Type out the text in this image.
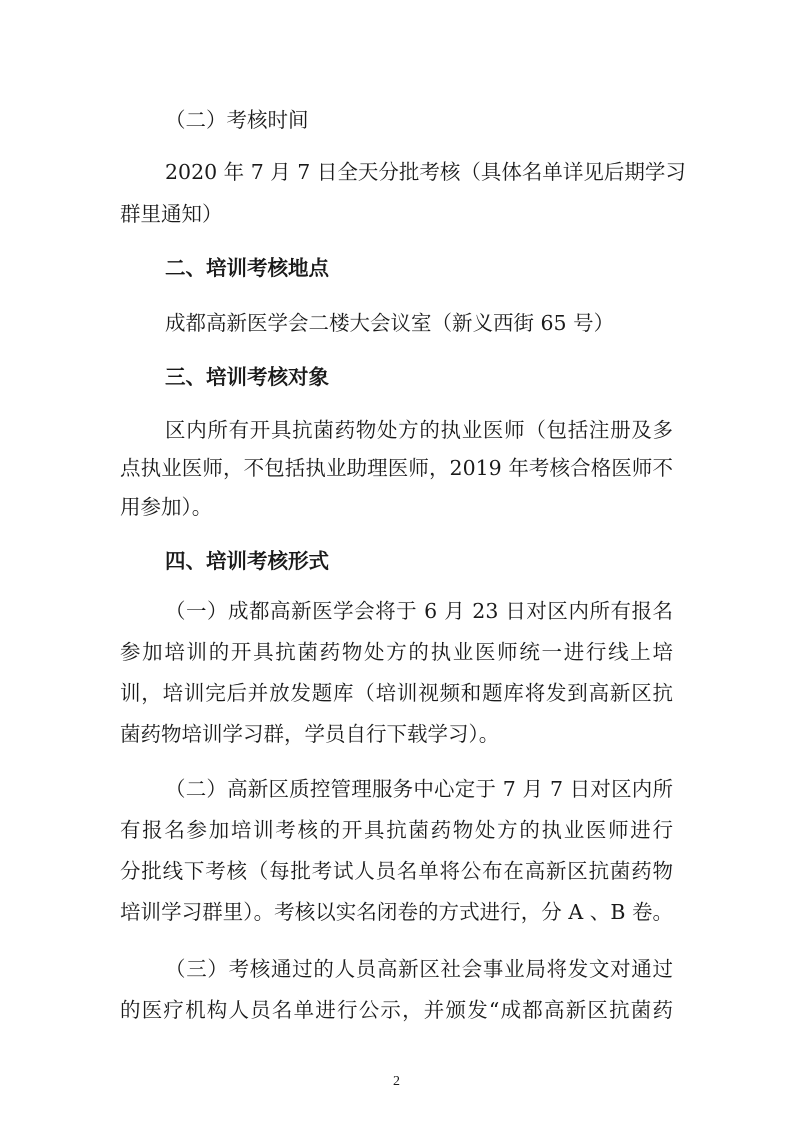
（二）考核时间

2020 年 7 月 7 日全天分批考核（具体名单详见后期学习

群里通知）

二、培训考核地点

成都高新医学会二楼大会议室（新义西街 65 号）

三、培训考核对象

区内所有开具抗菌药物处方的执业医师（包括注册及多

点执业医师，不包括执业助理医师，2019 年考核合格医师不

用参加）。

四、培训考核形式

（一）成都高新医学会将于 6 月 23 日对区内所有报名

参加培训的开具抗菌药物处方的执业医师统一进行线上培

训，培训完后并放发题库（培训视频和题库将发到高新区抗

菌药物培训学习群，学员自行下载学习）。

（二）高新区质控管理服务中心定于 7 月 7 日对区内所

有报名参加培训考核的开具抗菌药物处方的执业医师进行

分批线下考核（每批考试人员名单将公布在高新区抗菌药物

培训学习群里）。考核以实名闭卷的方式进行，分 A 、B 卷。

（三）考核通过的人员高新区社会事业局将发文对通过

的医疗机构人员名单进行公示，并颁发“成都高新区抗菌药

2
